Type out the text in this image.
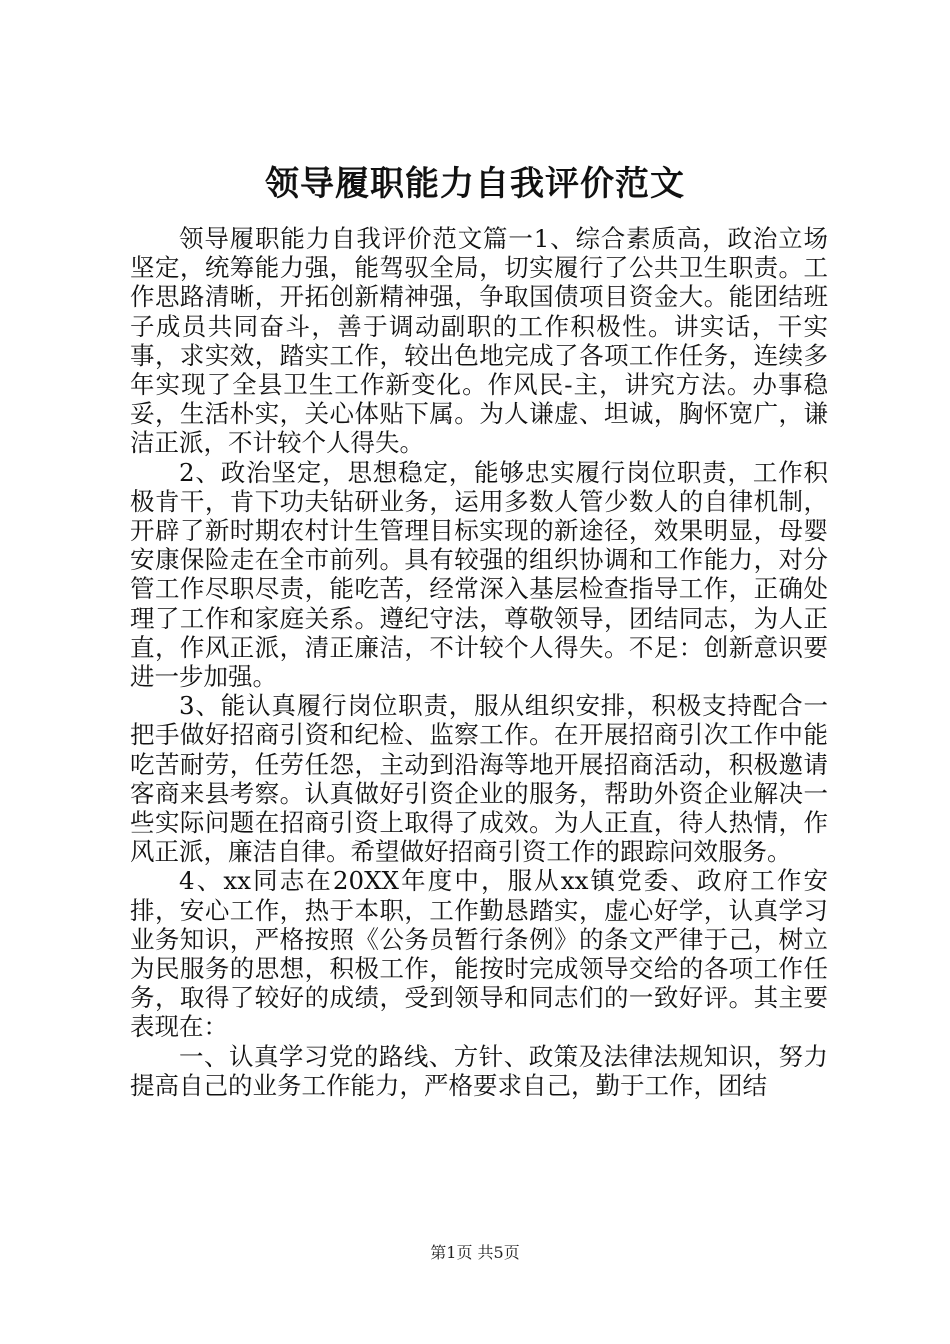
领导履职能力自我评价范文

领导履职能力自我评价范文篇一1、综合素质高，政治立场坚定，统筹能力强，能驾驭全局，切实履行了公共卫生职责。工作思路清晰，开拓创新精神强，争取国债项目资金大。能团结班子成员共同奋斗，善于调动副职的工作积极性。讲实话，干实事，求实效，踏实工作，较出色地完成了各项工作任务，连续多年实现了全县卫生工作新变化。作风民-主，讲究方法。办事稳妥，生活朴实，关心体贴下属。为人谦虚、坦诚，胸怀宽广，谦洁正派，不计较个人得失。

2、政治坚定，思想稳定，能够忠实履行岗位职责，工作积极肯干，肯下功夫钻研业务，运用多数人管少数人的自律机制，开辟了新时期农村计生管理目标实现的新途径，效果明显，母婴安康保险走在全市前列。具有较强的组织协调和工作能力，对分管工作尽职尽责，能吃苦，经常深入基层检查指导工作，正确处理了工作和家庭关系。遵纪守法，尊敬领导，团结同志，为人正直，作风正派，清正廉洁，不计较个人得失。不足：创新意识要进一步加强。

3、能认真履行岗位职责，服从组织安排，积极支持配合一把手做好招商引资和纪检、监察工作。在开展招商引次工作中能吃苦耐劳，任劳任怨，主动到沿海等地开展招商活动，积极邀请客商来县考察。认真做好引资企业的服务，帮助外资企业解决一些实际问题在招商引资上取得了成效。为人正直，待人热情，作风正派，廉洁自律。希望做好招商引资工作的跟踪问效服务。

4、xx同志在20XX年度中，服从xx镇党委、政府工作安排，安心工作，热于本职，工作勤恳踏实，虚心好学，认真学习业务知识，严格按照《公务员暂行条例》的条文严律于己，树立为民服务的思想，积极工作，能按时完成领导交给的各项工作任务，取得了较好的成绩，受到领导和同志们的一致好评。其主要表现在：

一、认真学习党的路线、方针、政策及法律法规知识，努力提高自己的业务工作能力，严格要求自己，勤于工作，团结

第1页 共5页
